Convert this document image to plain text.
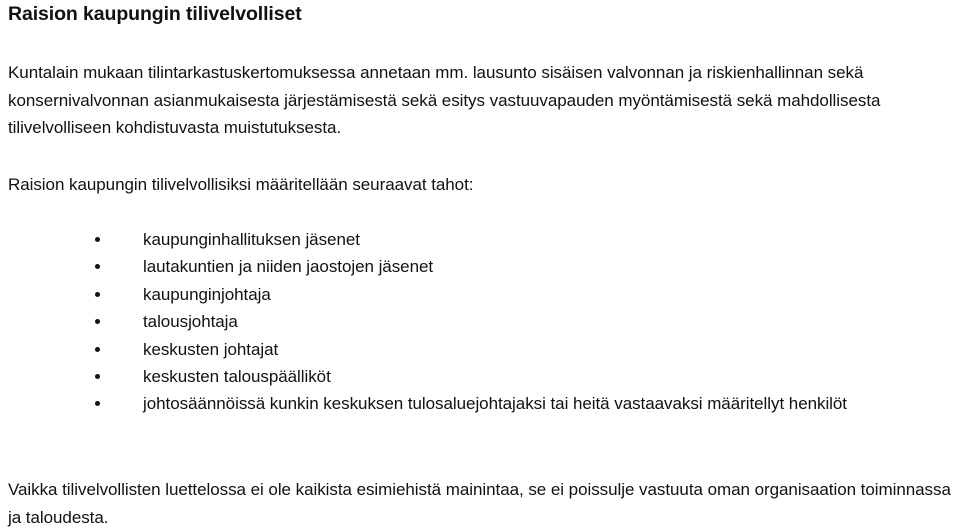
Raision kaupungin tilivelvolliset

Kuntalain mukaan tilintarkastuskertomuksessa annetaan mm. lausunto sisäisen valvonnan ja riskienhallinnan sekä konsernivalvonnan asianmukaisesta järjestämisestä sekä esitys vastuuvapauden myöntämisestä sekä mahdollisesta tilivelvolliseen kohdistuvasta muistutuksesta.

Raision kaupungin tilivelvollisiksi määritellään seuraavat tahot:

kaupunginhallituksen jäsenet
lautakuntien ja niiden jaostojen jäsenet
kaupunginjohtaja
talousjohtaja
keskusten johtajat
keskusten talouspäälliköt
johtosäännöissä kunkin keskuksen tulosaluejohtajaksi tai heitä vastaavaksi määritellyt henkilöt

Vaikka tilivelvollisten luettelossa ei ole kaikista esimiehistä mainintaa, se ei poissulje vastuuta oman organisaation toiminnassa ja taloudesta.
